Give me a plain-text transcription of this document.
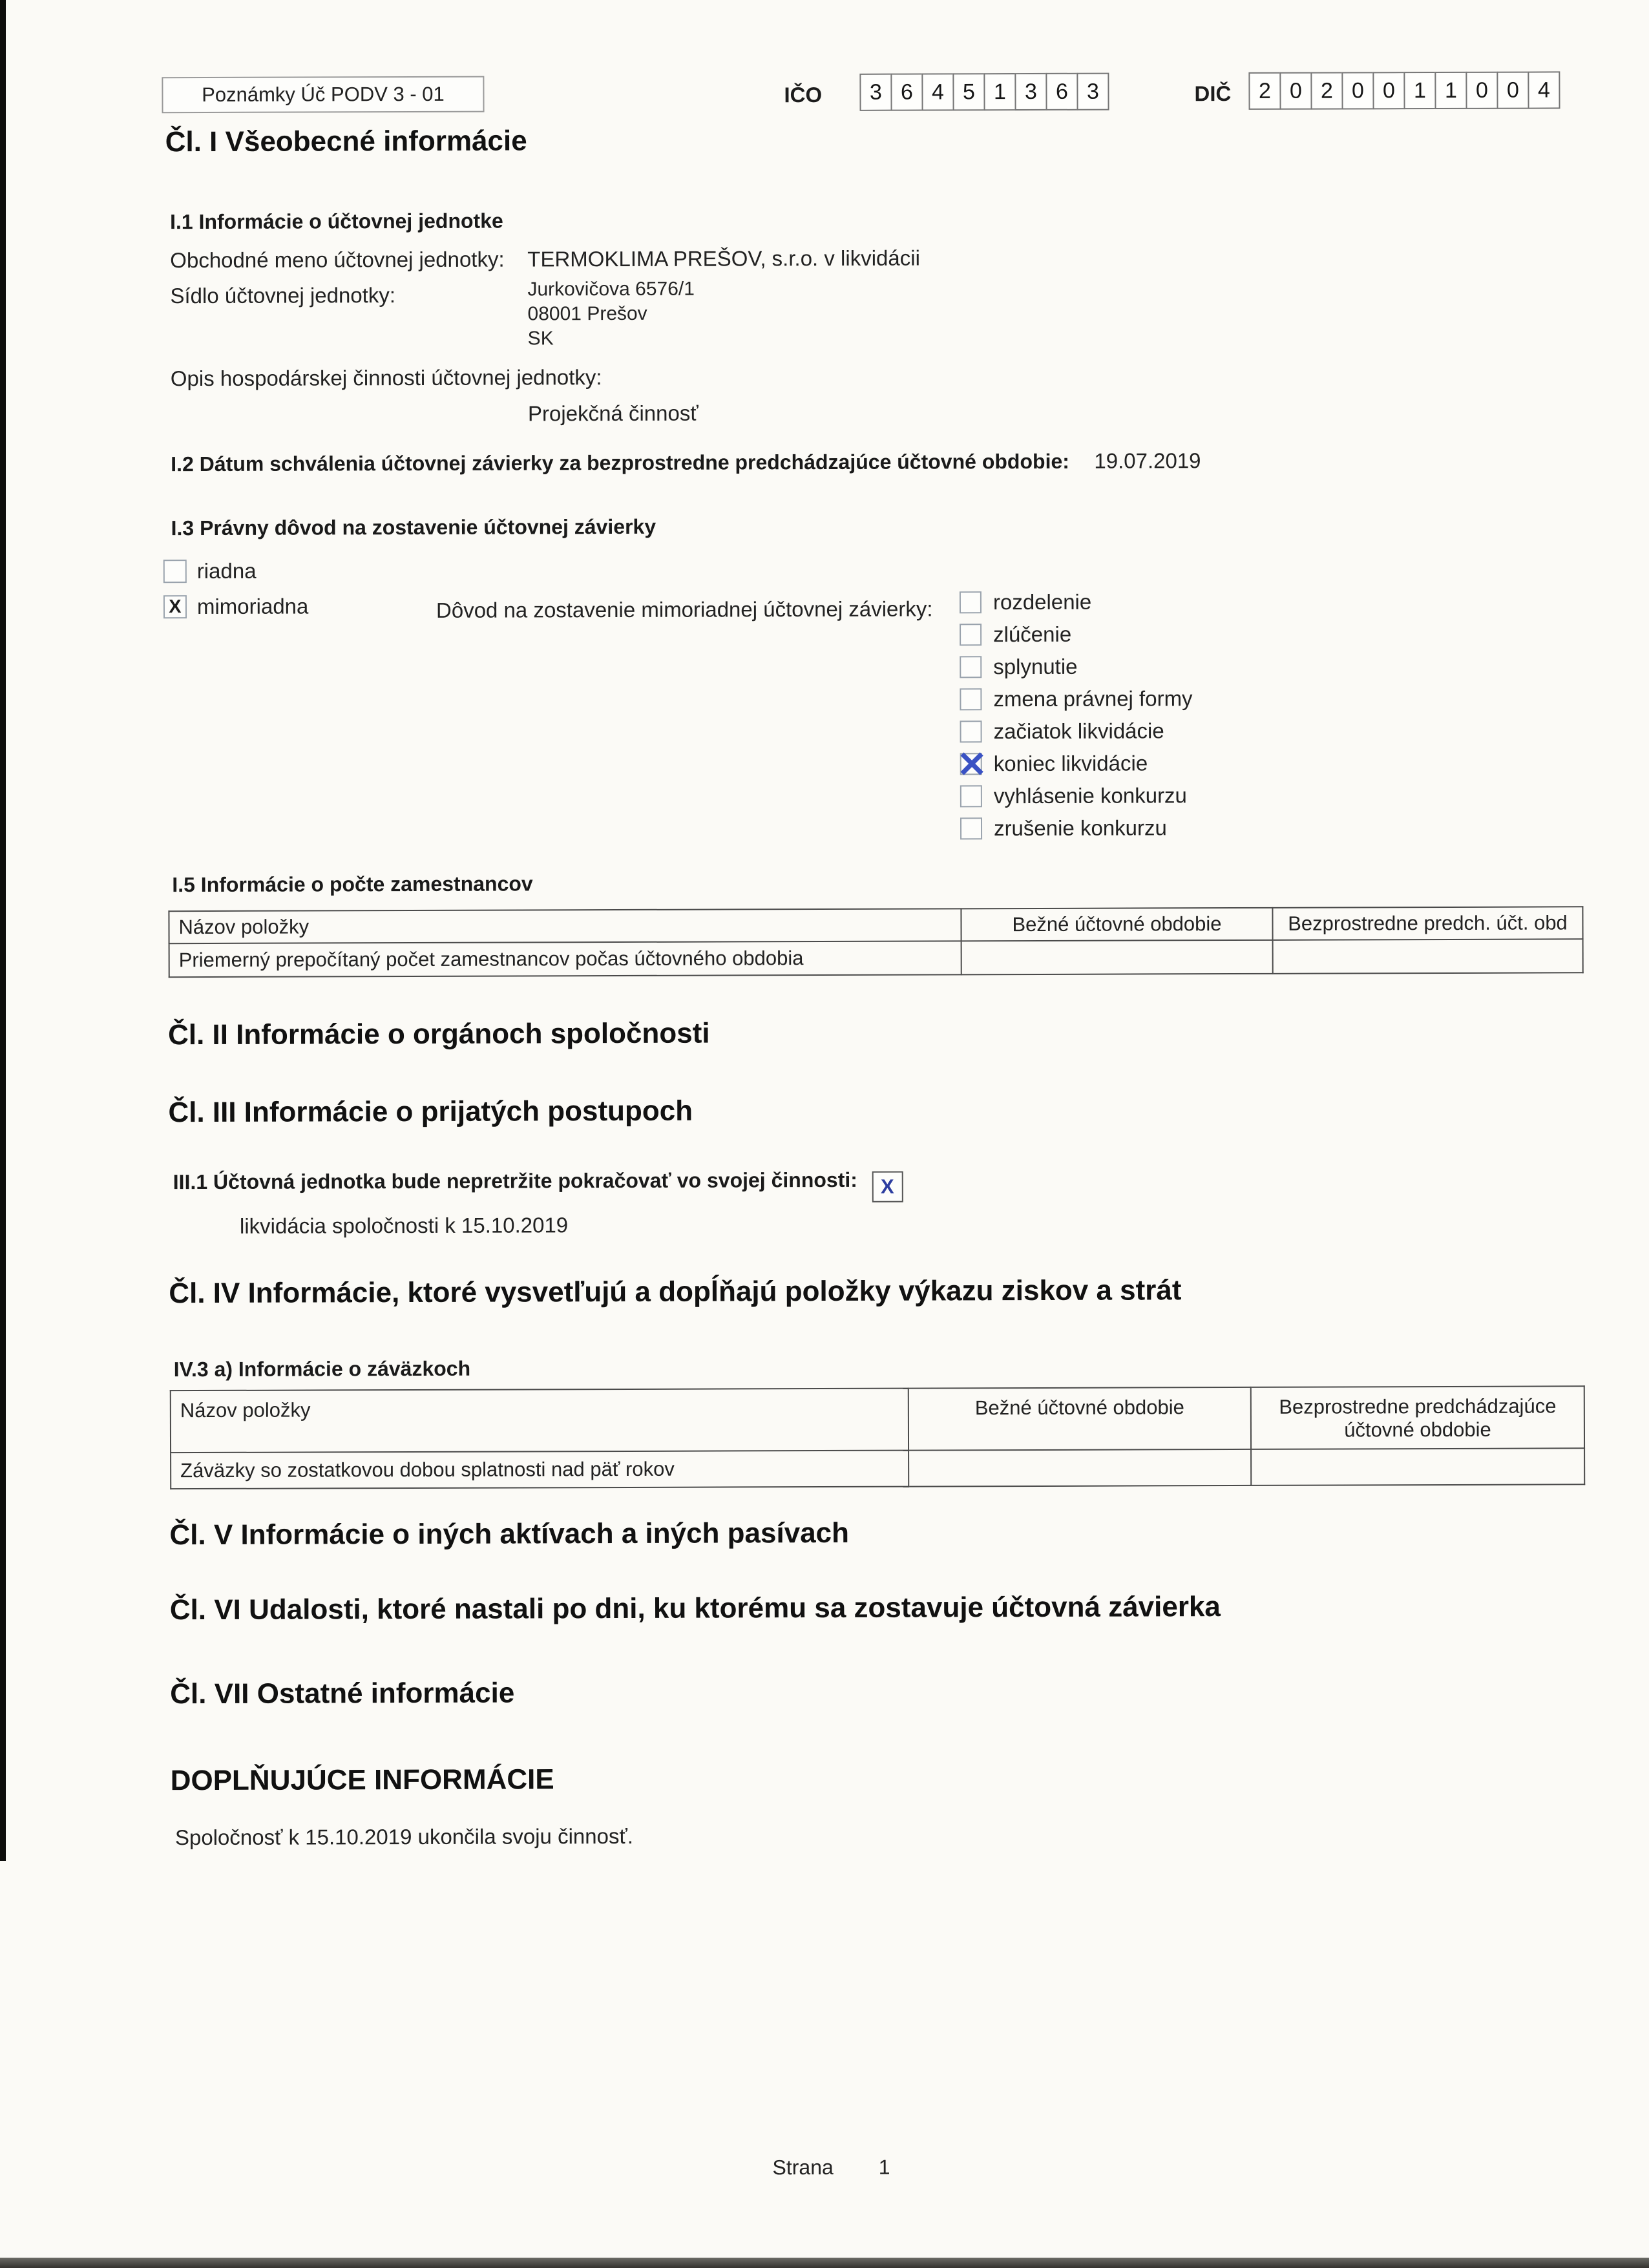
Poznámky Úč PODV 3 - 01	IČO	3 6 4 5 1 3 6 3	DIČ	2 0 2 0 0 1 1 0 0 4
Čl. I Všeobecné informácie
I.1 Informácie o účtovnej jednotke
Obchodné meno účtovnej jednotky: TERMOKLIMA PREŠOV, s.r.o. v likvidácii
Sídlo účtovnej jednotky:	Jurkovičova 6576/1
08001 Prešov
SK
Opis hospodárskej činnosti účtovnej jednotky:
Projekčná činnosť
I.2 Dátum schválenia účtovnej závierky za bezprostredne predchádzajúce účtovné obdobie: 19.07.2019
I.3 Právny dôvod na zostavenie účtovnej závierky
riadna
X
mimoriadna	Dôvod na zostavenie mimoriadnej účtovnej závierky:	rozdelenie
zlúčenie
splynutie
zmena právnej formy
začiatok likvidácie
✕
koniec likvidácie
vyhlásenie konkurzu
zrušenie konkurzu
I.5 Informácie o počte zamestnancov
Názov položky	Bežné účtovné obdobie	Bezprostredne predch. účt. obd
Priemerný prepočítaný počet zamestnancov počas účtovného obdobia		
Čl. II Informácie o orgánoch spoločnosti
Čl. III Informácie o prijatých postupoch
III.1 Účtovná jednotka bude nepretržite pokračovať vo svojej činnosti: X
likvidácia spoločnosti k 15.10.2019
Čl. IV Informácie, ktoré vysvetľujú a dopĺňajú položky výkazu ziskov a strát
IV.3 a) Informácie o záväzkoch
Názov položky	Bežné účtovné obdobie	Bezprostredne predchádzajúce účtovné obdobie
Záväzky so zostatkovou dobou splatnosti nad päť rokov		
Čl. V Informácie o iných aktívach a iných pasívach
Čl. VI Udalosti, ktoré nastali po dni, ku ktorému sa zostavuje účtovná závierka
Čl. VII Ostatné informácie
DOPLŇUJÚCE INFORMÁCIE
Spoločnosť k 15.10.2019 ukončila svoju činnosť.
Strana 1
